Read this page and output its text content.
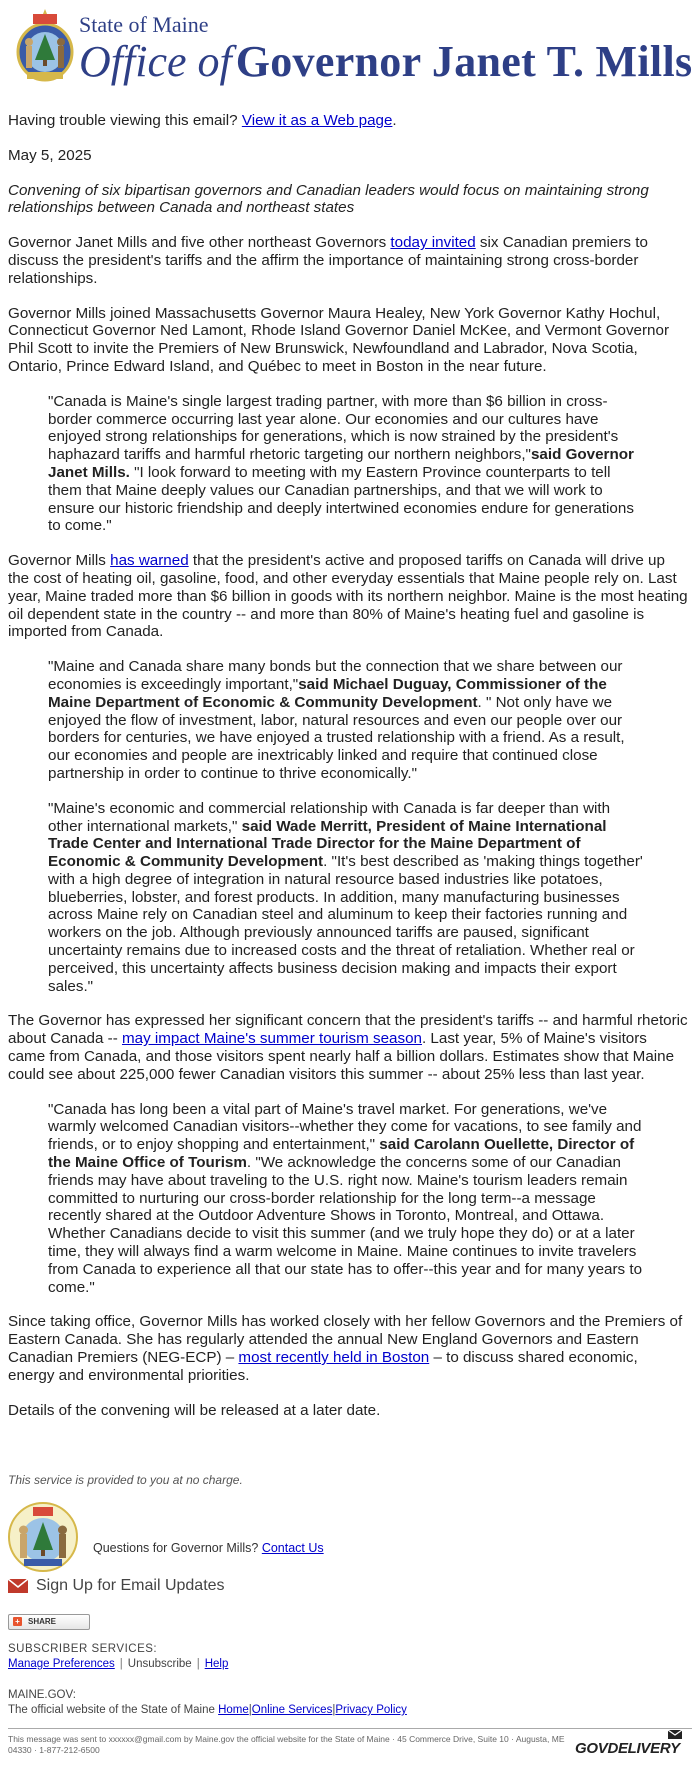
State of Maine
Office of Governor Janet T. Mills

Having trouble viewing this email? View it as a Web page.

May 5, 2025

Convening of six bipartisan governors and Canadian leaders would focus on maintaining strong relationships between Canada and northeast states

Governor Janet Mills and five other northeast Governors today invited six Canadian premiers to discuss the president's tariffs and the affirm the importance of maintaining strong cross-border relationships.

Governor Mills joined Massachusetts Governor Maura Healey, New York Governor Kathy Hochul, Connecticut Governor Ned Lamont, Rhode Island Governor Daniel McKee, and Vermont Governor Phil Scott to invite the Premiers of New Brunswick, Newfoundland and Labrador, Nova Scotia, Ontario, Prince Edward Island, and Québec to meet in Boston in the near future.

"Canada is Maine's single largest trading partner, with more than $6 billion in cross-border commerce occurring last year alone. Our economies and our cultures have enjoyed strong relationships for generations, which is now strained by the president's haphazard tariffs and harmful rhetoric targeting our northern neighbors,"said Governor Janet Mills. "I look forward to meeting with my Eastern Province counterparts to tell them that Maine deeply values our Canadian partnerships, and that we will work to ensure our historic friendship and deeply intertwined economies endure for generations to come."

Governor Mills has warned that the president's active and proposed tariffs on Canada will drive up the cost of heating oil, gasoline, food, and other everyday essentials that Maine people rely on. Last year, Maine traded more than $6 billion in goods with its northern neighbor. Maine is the most heating oil dependent state in the country -- and more than 80% of Maine's heating fuel and gasoline is imported from Canada.

"Maine and Canada share many bonds but the connection that we share between our economies is exceedingly important,"said Michael Duguay, Commissioner of the Maine Department of Economic & Community Development. " Not only have we enjoyed the flow of investment, labor, natural resources and even our people over our borders for centuries, we have enjoyed a trusted relationship with a friend. As a result, our economies and people are inextricably linked and require that continued close partnership in order to continue to thrive economically."
"Maine's economic and commercial relationship with Canada is far deeper than with other international markets," said Wade Merritt, President of Maine International Trade Center and International Trade Director for the Maine Department of Economic & Community Development. "It's best described as 'making things together' with a high degree of integration in natural resource based industries like potatoes, blueberries, lobster, and forest products. In addition, many manufacturing businesses across Maine rely on Canadian steel and aluminum to keep their factories running and workers on the job. Although previously announced tariffs are paused, significant uncertainty remains due to increased costs and the threat of retaliation. Whether real or perceived, this uncertainty affects business decision making and impacts their export sales."

The Governor has expressed her significant concern that the president's tariffs -- and harmful rhetoric about Canada -- may impact Maine's summer tourism season. Last year, 5% of Maine's visitors came from Canada, and those visitors spent nearly half a billion dollars. Estimates show that Maine could see about 225,000 fewer Canadian visitors this summer -- about 25% less than last year.

"Canada has long been a vital part of Maine's travel market. For generations, we've warmly welcomed Canadian visitors--whether they come for vacations, to see family and friends, or to enjoy shopping and entertainment," said Carolann Ouellette, Director of the Maine Office of Tourism. "We acknowledge the concerns some of our Canadian friends may have about traveling to the U.S. right now. Maine's tourism leaders remain committed to nurturing our cross-border relationship for the long term--a message recently shared at the Outdoor Adventure Shows in Toronto, Montreal, and Ottawa. Whether Canadians decide to visit this summer (and we truly hope they do) or at a later time, they will always find a warm welcome in Maine. Maine continues to invite travelers from Canada to experience all that our state has to offer--this year and for many years to come."

Since taking office, Governor Mills has worked closely with her fellow Governors and the Premiers of Eastern Canada. She has regularly attended the annual New England Governors and Eastern Canadian Premiers (NEG-ECP) – most recently held in Boston – to discuss shared economic, energy and environmental priorities.

Details of the convening will be released at a later date.

This service is provided to you at no charge.
Questions for Governor Mills? Contact Us
Sign Up for Email Updates
+ SHARE
SUBSCRIBER SERVICES:
Manage Preferences | Unsubscribe | Help
MAINE.GOV:
The official website of the State of Maine Home|Online Services|Privacy Policy
This message was sent to xxxxxx@gmail.com by Maine.gov the official website for the State of Maine · 45 Commerce Drive, Suite 10 · Augusta, ME 04330 · 1-877-212-6500	GOVDELIVERY
